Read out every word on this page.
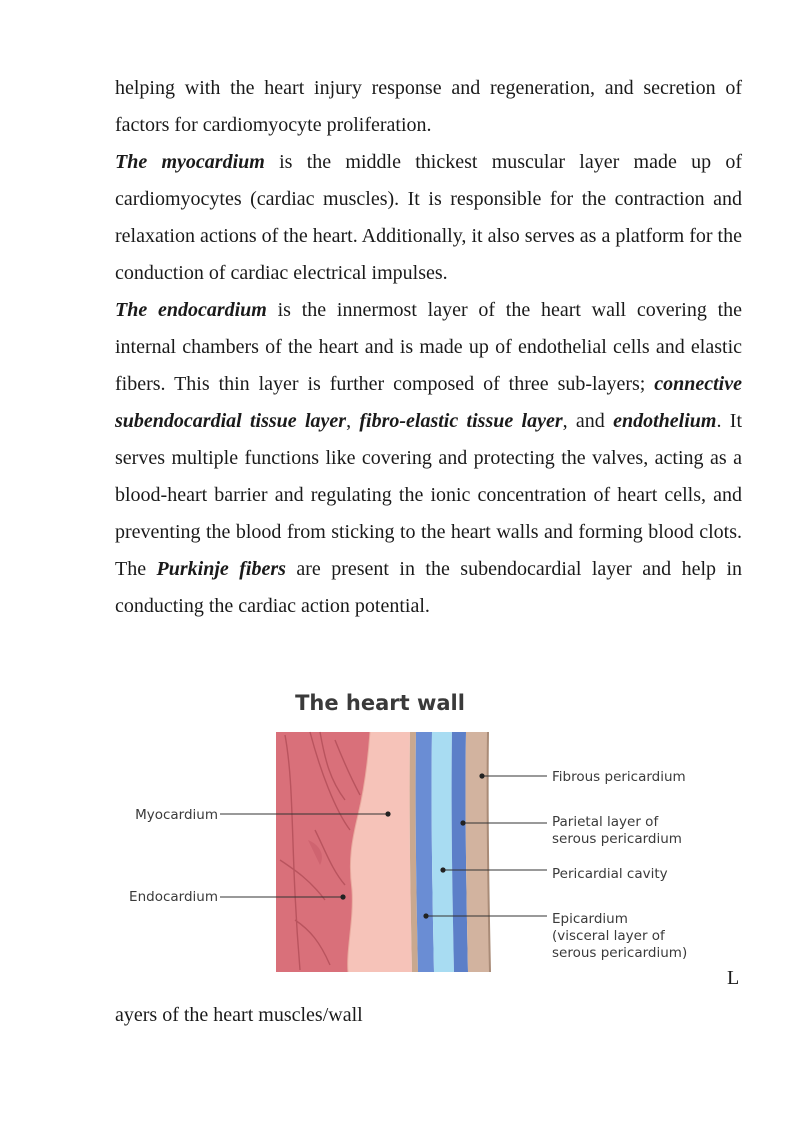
helping with the heart injury response and regeneration, and secretion of factors for cardiomyocyte proliferation.

The myocardium is the middle thickest muscular layer made up of cardiomyocytes (cardiac muscles). It is responsible for the contraction and relaxation actions of the heart. Additionally, it also serves as a platform for the conduction of cardiac electrical impulses.

The endocardium is the innermost layer of the heart wall covering the internal chambers of the heart and is made up of endothelial cells and elastic fibers. This thin layer is further composed of three sub-layers; connective subendocardial tissue layer, fibro-elastic tissue layer, and endothelium. It serves multiple functions like covering and protecting the valves, acting as a blood-heart barrier and regulating the ionic concentration of heart cells, and preventing the blood from sticking to the heart walls and forming blood clots. The Purkinje fibers are present in the subendocardial layer and help in conducting the cardiac action potential.

The heart wall
Myocardium
Endocardium
Fibrous pericardium
Parietal layer of
serous pericardium
Pericardial cavity
Epicardium
(visceral layer of
serous pericardium)
L
ayers of the heart muscles/wall
